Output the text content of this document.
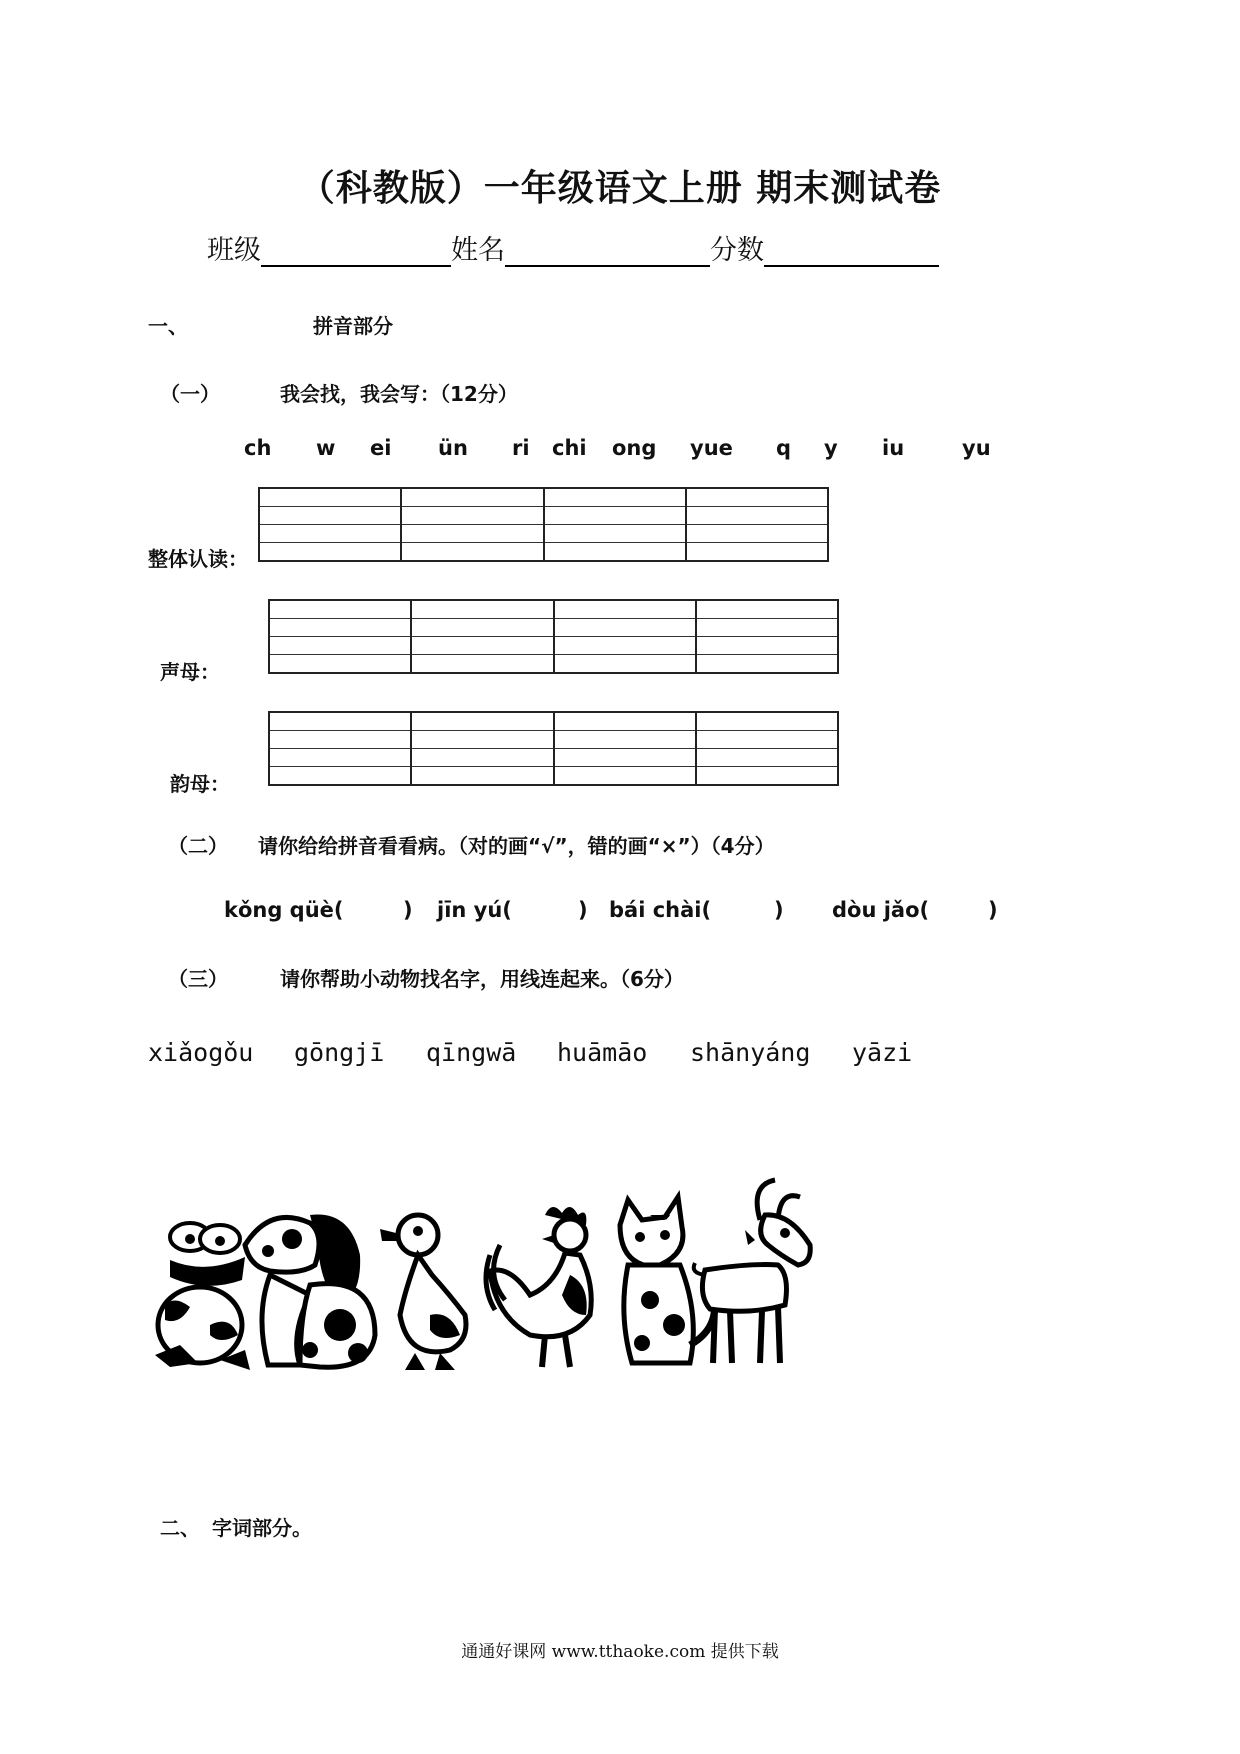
（科教版）一年级语文上册 期末测试卷
班级	姓名	分数
一、	拼音部分
（一）	我会找，我会写：（12分）
ch w ei ün ri chi ong yue q y iu	yu
整体认读：
声母：
韵母：
（二） 请你给给拼音看看病。（对的画“√”，错的画“×”）（4分）
kǒng qüè(	) jīn yú(	) bái chài(	) dòu jǎo(	)
（三）	请你帮助小动物找名字，用线连起来。（6分）
xiǎogǒu gōngjī qīngwā huāmāo shānyáng yāzi
二、 字词部分。
通通好课网 www.tthaoke.com 提供下载
